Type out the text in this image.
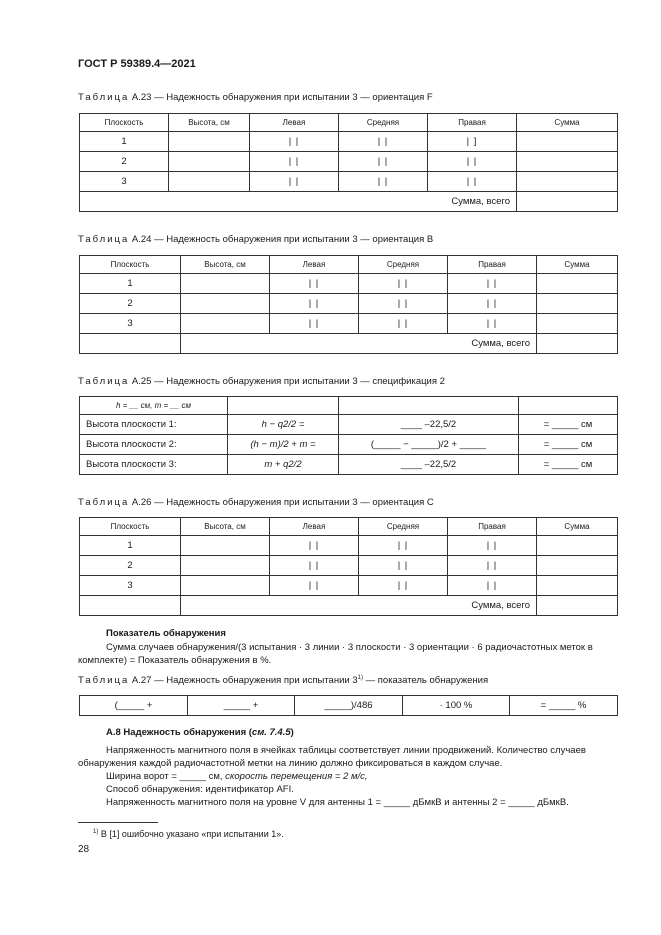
ГОСТ Р 59389.4—2021
Таблица A.23 — Надежность обнаружения при испытании 3 — ориентация F
Плоскость	Высота, см	Левая	Средняя	Правая	Сумма
1		| |	| |	| ]	
2		| |	| |	| |	
3		| |	| |	| |	
Сумма, всего					
Таблица A.24 — Надежность обнаружения при испытании 3 — ориентация B
Плоскость	Высота, см	Левая	Средняя	Правая	Сумма
1		| |	| |	| |	
2		| |	| |	| |	
3		| |	| |	| |	
	Сумма, всего				
Таблица A.25 — Надежность обнаружения при испытании 3 — спецификация 2
h = __ см, m = __ см			
Высота плоскости 1:	h − q2/2 =	____ –22,5/2	= _____ см
Высота плоскости 2:	(h − m)/2 + m =	(_____ − _____)/2 + _____	= _____ см
Высота плоскости 3:	m + q2/2	____ –22,5/2	= _____ см
Таблица A.26 — Надежность обнаружения при испытании 3 — ориентация C
Плоскость	Высота, см	Левая	Средняя	Правая	Сумма
1		| |	| |	| |	
2		| |	| |	| |	
3		| |	| |	| |	
	Сумма, всего				
Показатель обнаружения
Сумма случаев обнаружения/(3 испытания · 3 линии · 3 плоскости · 3 ориентации · 6 радиочастотных меток в комплекте) = Показатель обнаружения в %.
Таблица A.27 — Надежность обнаружения при испытании 3$^{1)}$ — показатель обнаружения
(_____ +	_____ +	_____)/486	· 100 %	= _____ %
A.8 Надежность обнаружения (см. 7.4.5)
Напряженность магнитного поля в ячейках таблицы соответствует линии продвижений. Количество случаев обнаружения каждой радиочастотной метки на линию должно фиксироваться в каждом случае.
Ширина ворот = _____ см, скорость перемещения = 2 м/с,
Способ обнаружения: идентификатор AFI.
Напряженность магнитного поля на уровне V для антенны 1 = _____ дБмкВ и антенны 2 = _____ дБмкВ.
$^{1)}$ В [1] ошибочно указано «при испытании 1».
28
